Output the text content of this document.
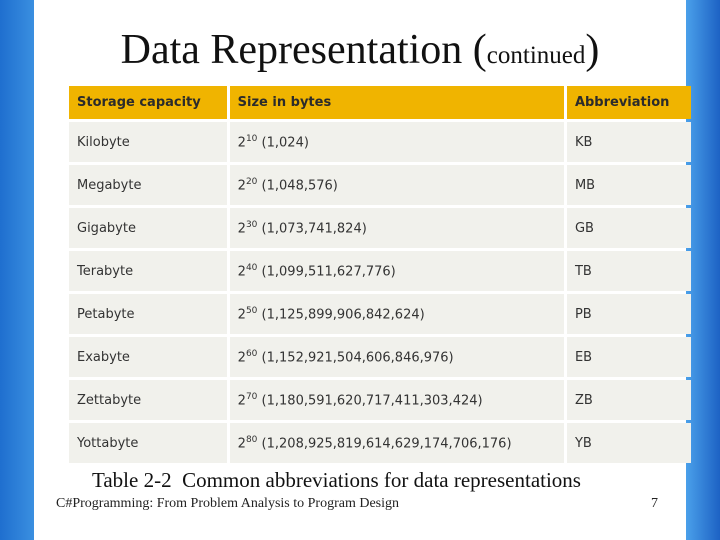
Data Representation (continued)
Storage capacity	Size in bytes	Abbreviation
Kilobyte	$2^{10}$ (1,024)	KB
Megabyte	$2^{20}$ (1,048,576)	MB
Gigabyte	$2^{30}$ (1,073,741,824)	GB
Terabyte	$2^{40}$ (1,099,511,627,776)	TB
Petabyte	$2^{50}$ (1,125,899,906,842,624)	PB
Exabyte	$2^{60}$ (1,152,921,504,606,846,976)	EB
Zettabyte	$2^{70}$ (1,180,591,620,717,411,303,424)	ZB
Yottabyte	$2^{80}$ (1,208,925,819,614,629,174,706,176)	YB
Table 2-2 Common abbreviations for data representations
C#Programming: From Problem Analysis to Program Design	7
